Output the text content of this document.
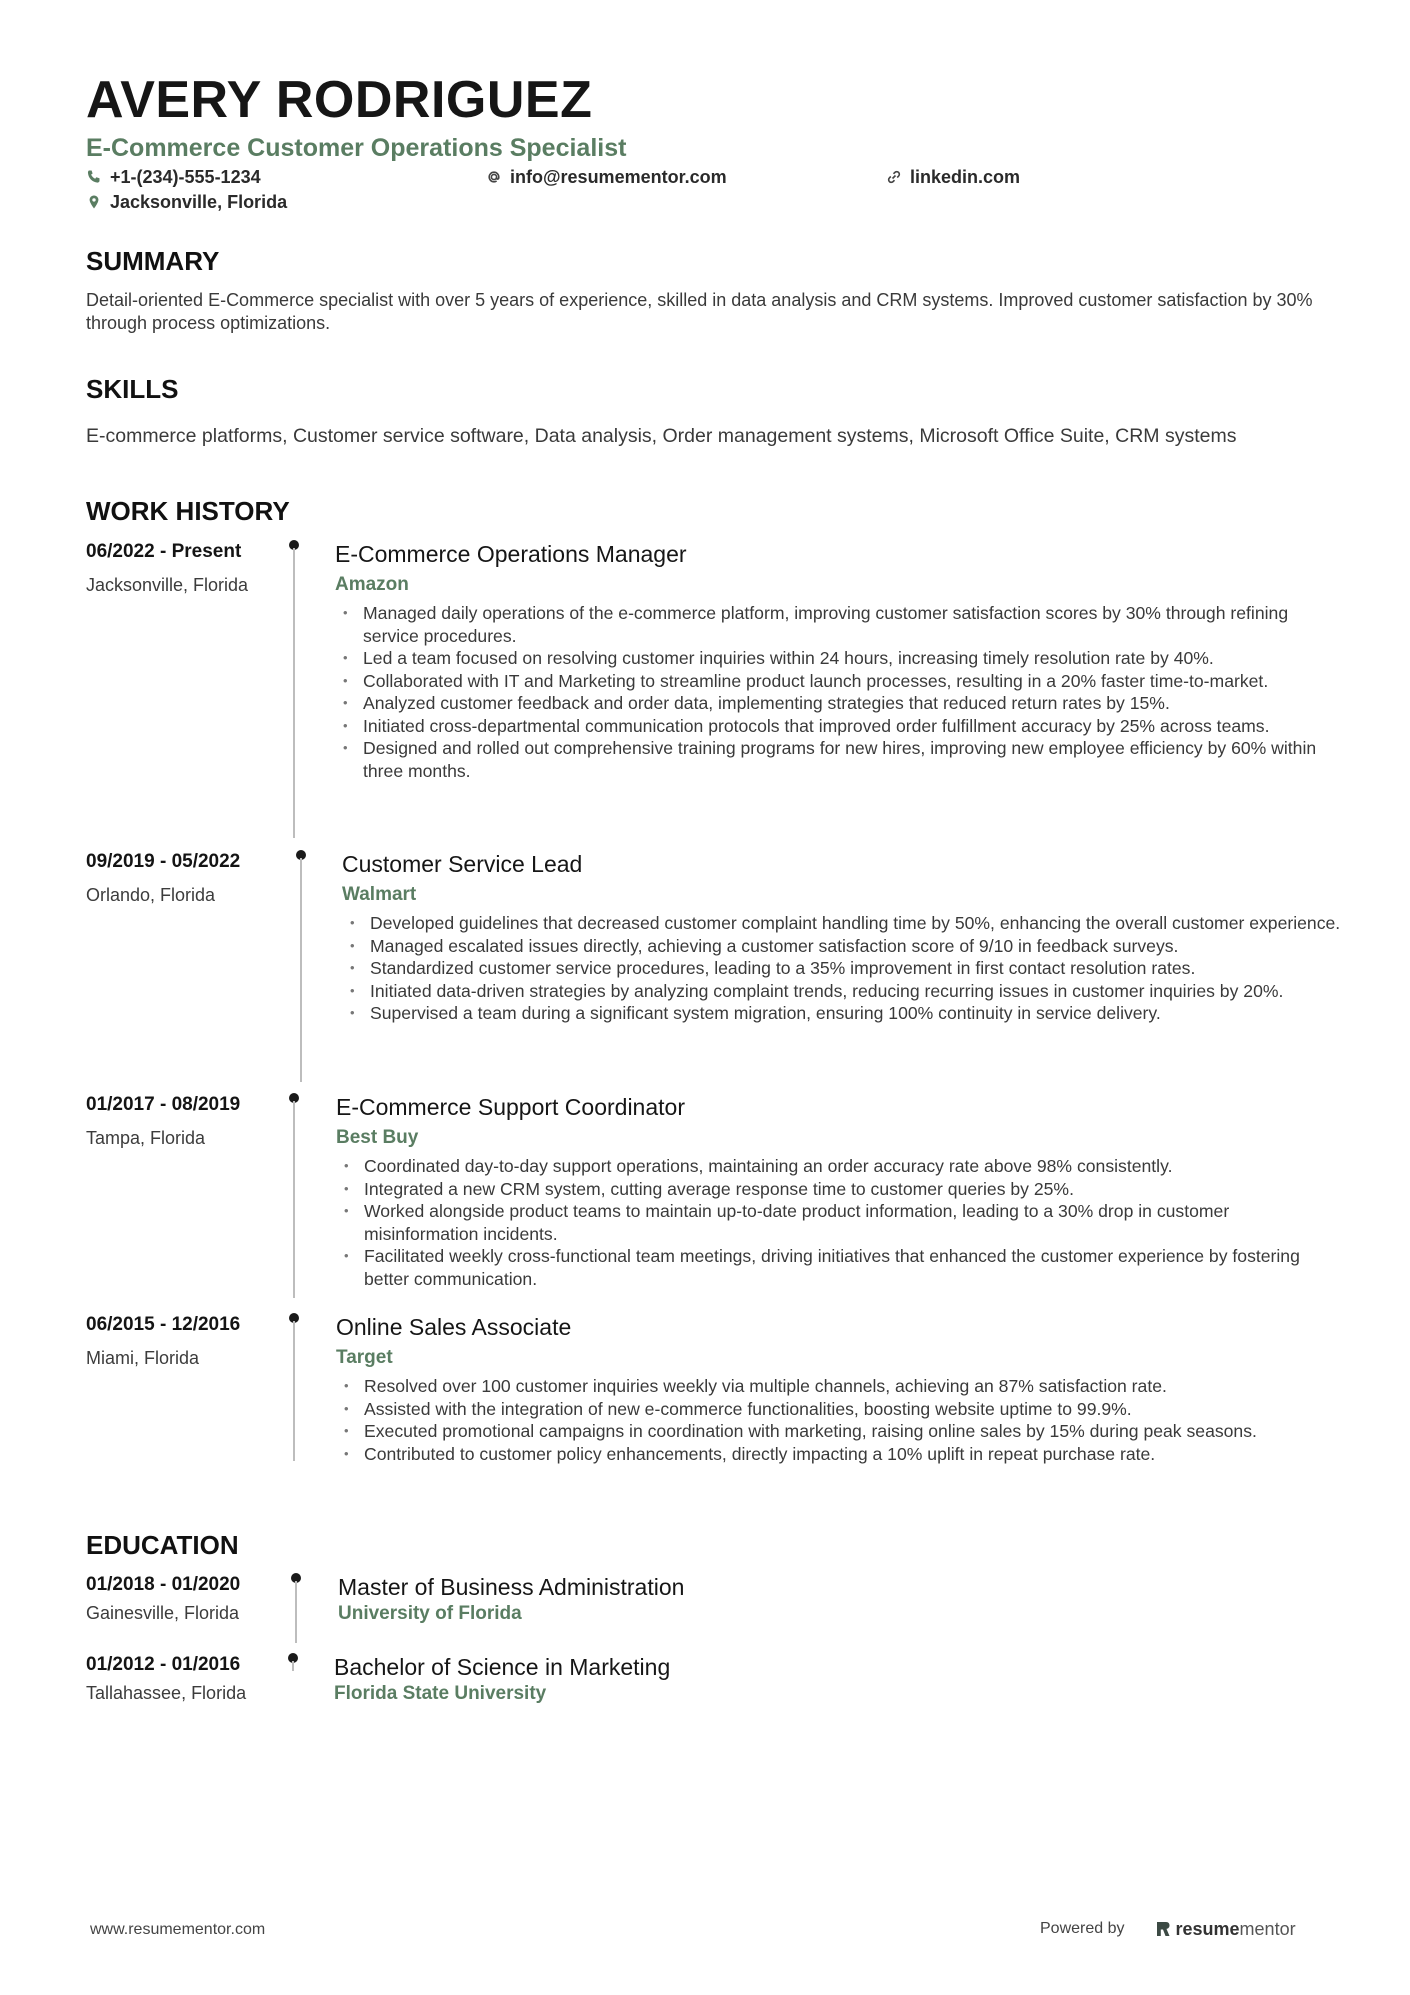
AVERY RODRIGUEZ
E-Commerce Customer Operations Specialist
+1-(234)-555-1234	info@resumementor.com	linkedin.com
Jacksonville, Florida
SUMMARY
Detail-oriented E-Commerce specialist with over 5 years of experience, skilled in data analysis and CRM systems. Improved customer satisfaction by 30% through process optimizations.
SKILLS
E-commerce platforms, Customer service software, Data analysis, Order management systems, Microsoft Office Suite, CRM systems
WORK HISTORY
06/2022 - Present
Jacksonville, Florida
E-Commerce Operations Manager
Amazon
• Managed daily operations of the e-commerce platform, improving customer satisfaction scores by 30% through refining service procedures.
• Led a team focused on resolving customer inquiries within 24 hours, increasing timely resolution rate by 40%.
• Collaborated with IT and Marketing to streamline product launch processes, resulting in a 20% faster time-to-market.
• Analyzed customer feedback and order data, implementing strategies that reduced return rates by 15%.
• Initiated cross-departmental communication protocols that improved order fulfillment accuracy by 25% across teams.
• Designed and rolled out comprehensive training programs for new hires, improving new employee efficiency by 60% within three months.
09/2019 - 05/2022
Orlando, Florida
Customer Service Lead
Walmart
• Developed guidelines that decreased customer complaint handling time by 50%, enhancing the overall customer experience.
• Managed escalated issues directly, achieving a customer satisfaction score of 9/10 in feedback surveys.
• Standardized customer service procedures, leading to a 35% improvement in first contact resolution rates.
• Initiated data-driven strategies by analyzing complaint trends, reducing recurring issues in customer inquiries by 20%.
• Supervised a team during a significant system migration, ensuring 100% continuity in service delivery.
01/2017 - 08/2019
Tampa, Florida
E-Commerce Support Coordinator
Best Buy
• Coordinated day-to-day support operations, maintaining an order accuracy rate above 98% consistently.
• Integrated a new CRM system, cutting average response time to customer queries by 25%.
• Worked alongside product teams to maintain up-to-date product information, leading to a 30% drop in customer misinformation incidents.
• Facilitated weekly cross-functional team meetings, driving initiatives that enhanced the customer experience by fostering better communication.
06/2015 - 12/2016
Miami, Florida
Online Sales Associate
Target
• Resolved over 100 customer inquiries weekly via multiple channels, achieving an 87% satisfaction rate.
• Assisted with the integration of new e-commerce functionalities, boosting website uptime to 99.9%.
• Executed promotional campaigns in coordination with marketing, raising online sales by 15% during peak seasons.
• Contributed to customer policy enhancements, directly impacting a 10% uplift in repeat purchase rate.
EDUCATION
01/2018 - 01/2020
Gainesville, Florida
Master of Business Administration
University of Florida
01/2012 - 01/2016
Tallahassee, Florida
Bachelor of Science in Marketing
Florida State University
www.resumementor.com	Powered by	resume mentor
